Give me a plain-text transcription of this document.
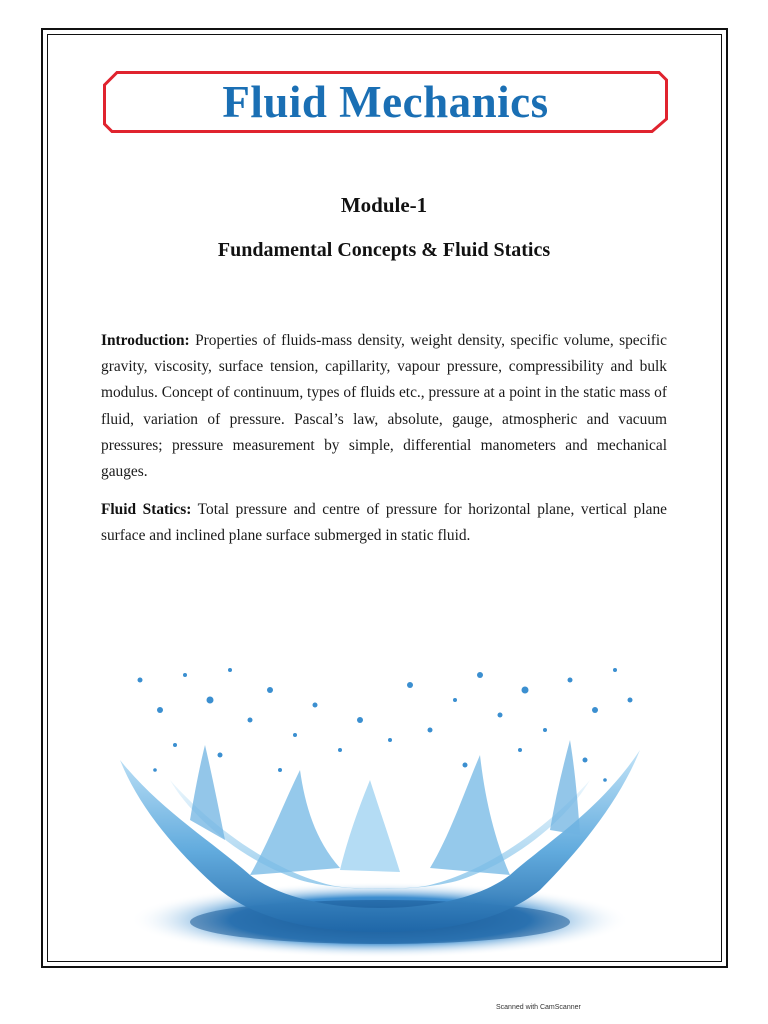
Fluid Mechanics
Module-1
Fundamental Concepts & Fluid Statics
Introduction: Properties of fluids-mass density, weight density, specific volume, specific gravity, viscosity, surface tension, capillarity, vapour pressure, compressibility and bulk modulus. Concept of continuum, types of fluids etc., pressure at a point in the static mass of fluid, variation of pressure. Pascal’s law, absolute, gauge, atmospheric and vacuum pressures; pressure measurement by simple, differential manometers and mechanical gauges.
Fluid Statics: Total pressure and centre of pressure for horizontal plane, vertical plane surface and inclined plane surface submerged in static fluid.
Scanned with CamScanner
